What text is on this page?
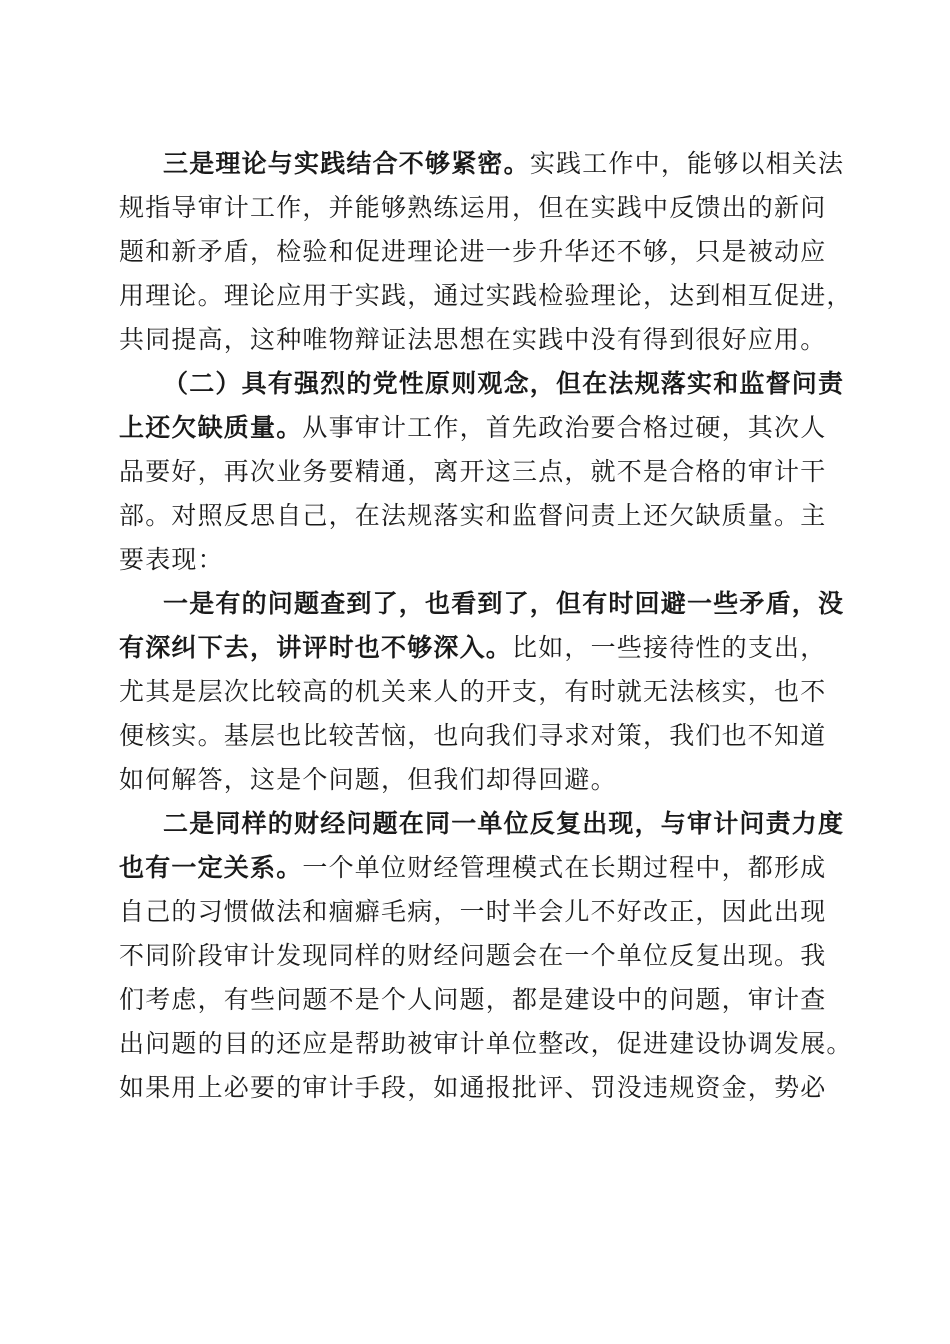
三是理论与实践结合不够紧密。实践工作中，能够以相关法
规指导审计工作，并能够熟练运用，但在实践中反馈出的新问
题和新矛盾，检验和促进理论进一步升华还不够，只是被动应
用理论。理论应用于实践，通过实践检验理论，达到相互促进，
共同提高，这种唯物辩证法思想在实践中没有得到很好应用。
（二）具有强烈的党性原则观念，但在法规落实和监督问责
上还欠缺质量。从事审计工作，首先政治要合格过硬，其次人
品要好，再次业务要精通，离开这三点，就不是合格的审计干
部。对照反思自己，在法规落实和监督问责上还欠缺质量。主
要表现：
一是有的问题查到了，也看到了，但有时回避一些矛盾，没
有深纠下去，讲评时也不够深入。比如，一些接待性的支出，
尤其是层次比较高的机关来人的开支，有时就无法核实，也不
便核实。基层也比较苦恼，也向我们寻求对策，我们也不知道
如何解答，这是个问题，但我们却得回避。
二是同样的财经问题在同一单位反复出现，与审计问责力度
也有一定关系。一个单位财经管理模式在长期过程中，都形成
自己的习惯做法和痼癖毛病，一时半会儿不好改正，因此出现
不同阶段审计发现同样的财经问题会在一个单位反复出现。我
们考虑，有些问题不是个人问题，都是建设中的问题，审计查
出问题的目的还应是帮助被审计单位整改，促进建设协调发展。
如果用上必要的审计手段，如通报批评、罚没违规资金，势必
